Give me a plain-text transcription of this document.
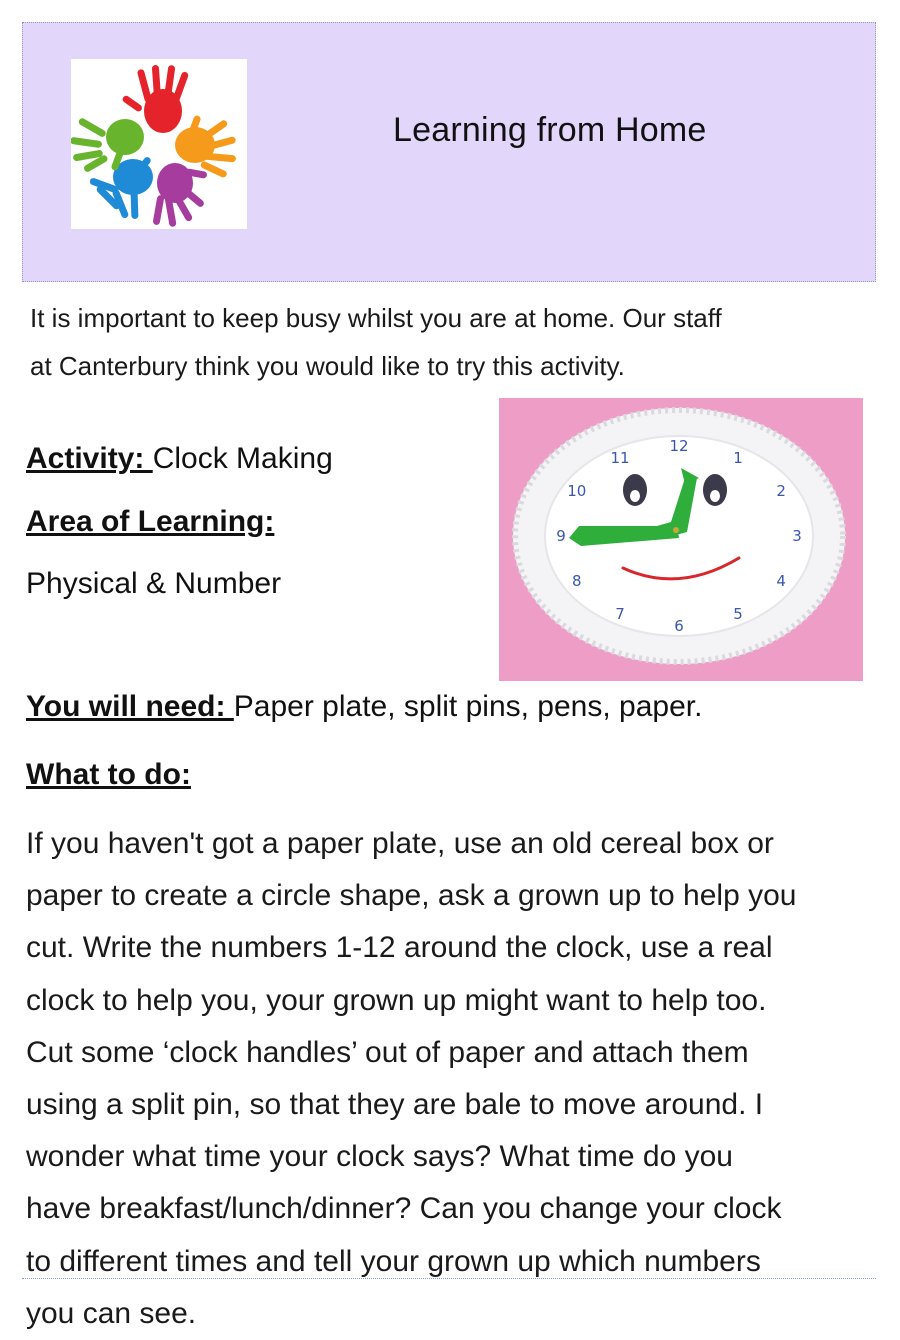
Learning from Home

It is important to keep busy whilst you are at home. Our staff

at Canterbury think you would like to try this activity.

Activity: Clock Making
Area of Learning:
Physical & Number
12
1
2
3
4
5
6
7
8
9
10
11
You will need: Paper plate, split pins, pens, paper.
What to do:

If you haven't got a paper plate, use an old cereal box or

paper to create a circle shape, ask a grown up to help you

cut. Write the numbers 1-12 around the clock, use a real

clock to help you, your grown up might want to help too.

Cut some ‘clock handles’ out of paper and attach them

using a split pin, so that they are bale to move around. I

wonder what time your clock says? What time do you

have breakfast/lunch/dinner? Can you change your clock

to different times and tell your grown up which numbers

you can see.
